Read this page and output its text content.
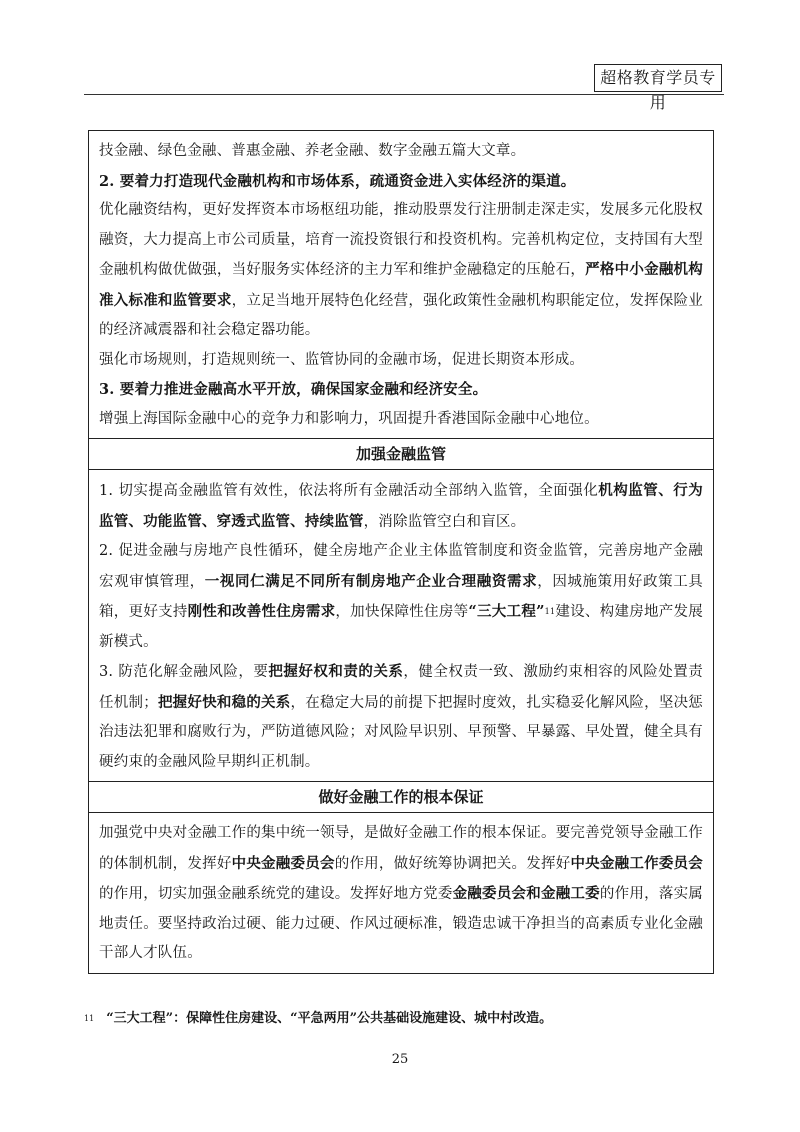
超格教育学员专用

技金融、绿色金融、普惠金融、养老金融、数字金融五篇大文章。

2. 要着力打造现代金融机构和市场体系，疏通资金进入实体经济的渠道。

优化融资结构，更好发挥资本市场枢纽功能，推动股票发行注册制走深走实，发展多元化股权融资，大力提高上市公司质量，培育一流投资银行和投资机构。完善机构定位，支持国有大型金融机构做优做强，当好服务实体经济的主力军和维护金融稳定的压舱石，严格中小金融机构准入标准和监管要求，立足当地开展特色化经营，强化政策性金融机构职能定位，发挥保险业的经济减震器和社会稳定器功能。

强化市场规则，打造规则统一、监管协同的金融市场，促进长期资本形成。

3. 要着力推进金融高水平开放，确保国家金融和经济安全。

增强上海国际金融中心的竞争力和影响力，巩固提升香港国际金融中心地位。

加强金融监管

1. 切实提高金融监管有效性，依法将所有金融活动全部纳入监管，全面强化机构监管、行为监管、功能监管、穿透式监管、持续监管，消除监管空白和盲区。

2. 促进金融与房地产良性循环，健全房地产企业主体监管制度和资金监管，完善房地产金融宏观审慎管理，一视同仁满足不同所有制房地产企业合理融资需求，因城施策用好政策工具箱，更好支持刚性和改善性住房需求，加快保障性住房等“三大工程”$^{11}$建设、构建房地产发展新模式。

3. 防范化解金融风险，要把握好权和责的关系，健全权责一致、激励约束相容的风险处置责任机制；把握好快和稳的关系，在稳定大局的前提下把握时度效，扎实稳妥化解风险，坚决惩治违法犯罪和腐败行为，严防道德风险；对风险早识别、早预警、早暴露、早处置，健全具有硬约束的金融风险早期纠正机制。

做好金融工作的根本保证

加强党中央对金融工作的集中统一领导，是做好金融工作的根本保证。要完善党领导金融工作的体制机制，发挥好中央金融委员会的作用，做好统筹协调把关。发挥好中央金融工作委员会的作用，切实加强金融系统党的建设。发挥好地方党委金融委员会和金融工委的作用，落实属地责任。要坚持政治过硬、能力过硬、作风过硬标准，锻造忠诚干净担当的高素质专业化金融干部人才队伍。

$^{11}$ “三大工程”：保障性住房建设、“平急两用”公共基础设施建设、城中村改造。
25
